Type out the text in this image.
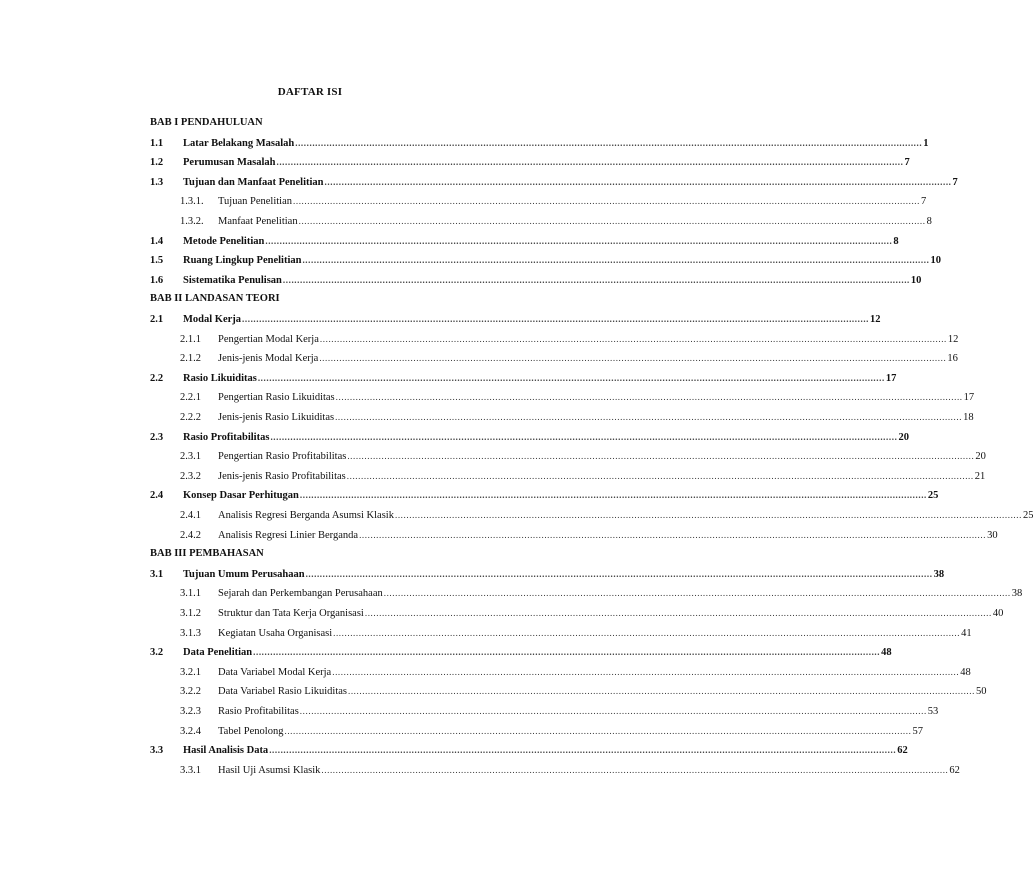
DAFTAR ISI
BAB I PENDAHULUAN
1.1	Latar Belakang Masalah ............................................................................................................................................................................................................................ 1
1.2	Perumusan Masalah ............................................................................................................................................................................................................................ 7
1.3	Tujuan dan Manfaat Penelitian ............................................................................................................................................................................................................................ 7
1.3.1.	Tujuan Penelitian ............................................................................................................................................................................................................................ 7
1.3.2.	Manfaat Penelitian ............................................................................................................................................................................................................................ 8
1.4	Metode Penelitian ............................................................................................................................................................................................................................ 8
1.5	Ruang Lingkup Penelitian ............................................................................................................................................................................................................................ 10
1.6	Sistematika Penulisan ............................................................................................................................................................................................................................ 10
BAB II LANDASAN TEORI
2.1	Modal Kerja ............................................................................................................................................................................................................................ 12
2.1.1	Pengertian Modal Kerja ............................................................................................................................................................................................................................ 12
2.1.2	Jenis-jenis Modal Kerja ............................................................................................................................................................................................................................ 16
2.2	Rasio Likuiditas ............................................................................................................................................................................................................................ 17
2.2.1	Pengertian Rasio Likuiditas ............................................................................................................................................................................................................................ 17
2.2.2	Jenis-jenis Rasio Likuiditas ............................................................................................................................................................................................................................ 18
2.3	Rasio Profitabilitas ............................................................................................................................................................................................................................ 20
2.3.1	Pengertian Rasio Profitabilitas ............................................................................................................................................................................................................................ 20
2.3.2	Jenis-jenis Rasio Profitabilitas ............................................................................................................................................................................................................................ 21
2.4	Konsep Dasar Perhitugan ............................................................................................................................................................................................................................ 25
2.4.1	Analisis Regresi Berganda Asumsi Klasik ............................................................................................................................................................................................................................ 25
2.4.2	Analisis Regresi Linier Berganda ............................................................................................................................................................................................................................ 30
BAB III PEMBAHASAN
3.1	Tujuan Umum Perusahaan ............................................................................................................................................................................................................................ 38
3.1.1	Sejarah dan Perkembangan Perusahaan ............................................................................................................................................................................................................................ 38
3.1.2	Struktur dan Tata Kerja Organisasi ............................................................................................................................................................................................................................ 40
3.1.3	Kegiatan Usaha Organisasi ............................................................................................................................................................................................................................ 41
3.2	Data Penelitian ............................................................................................................................................................................................................................ 48
3.2.1	Data Variabel Modal Kerja ............................................................................................................................................................................................................................ 48
3.2.2	Data Variabel Rasio Likuiditas ............................................................................................................................................................................................................................ 50
3.2.3	Rasio Profitabilitas ............................................................................................................................................................................................................................ 53
3.2.4	Tabel Penolong ............................................................................................................................................................................................................................ 57
3.3	Hasil Analisis Data ............................................................................................................................................................................................................................ 62
3.3.1	Hasil Uji Asumsi Klasik ............................................................................................................................................................................................................................ 62
